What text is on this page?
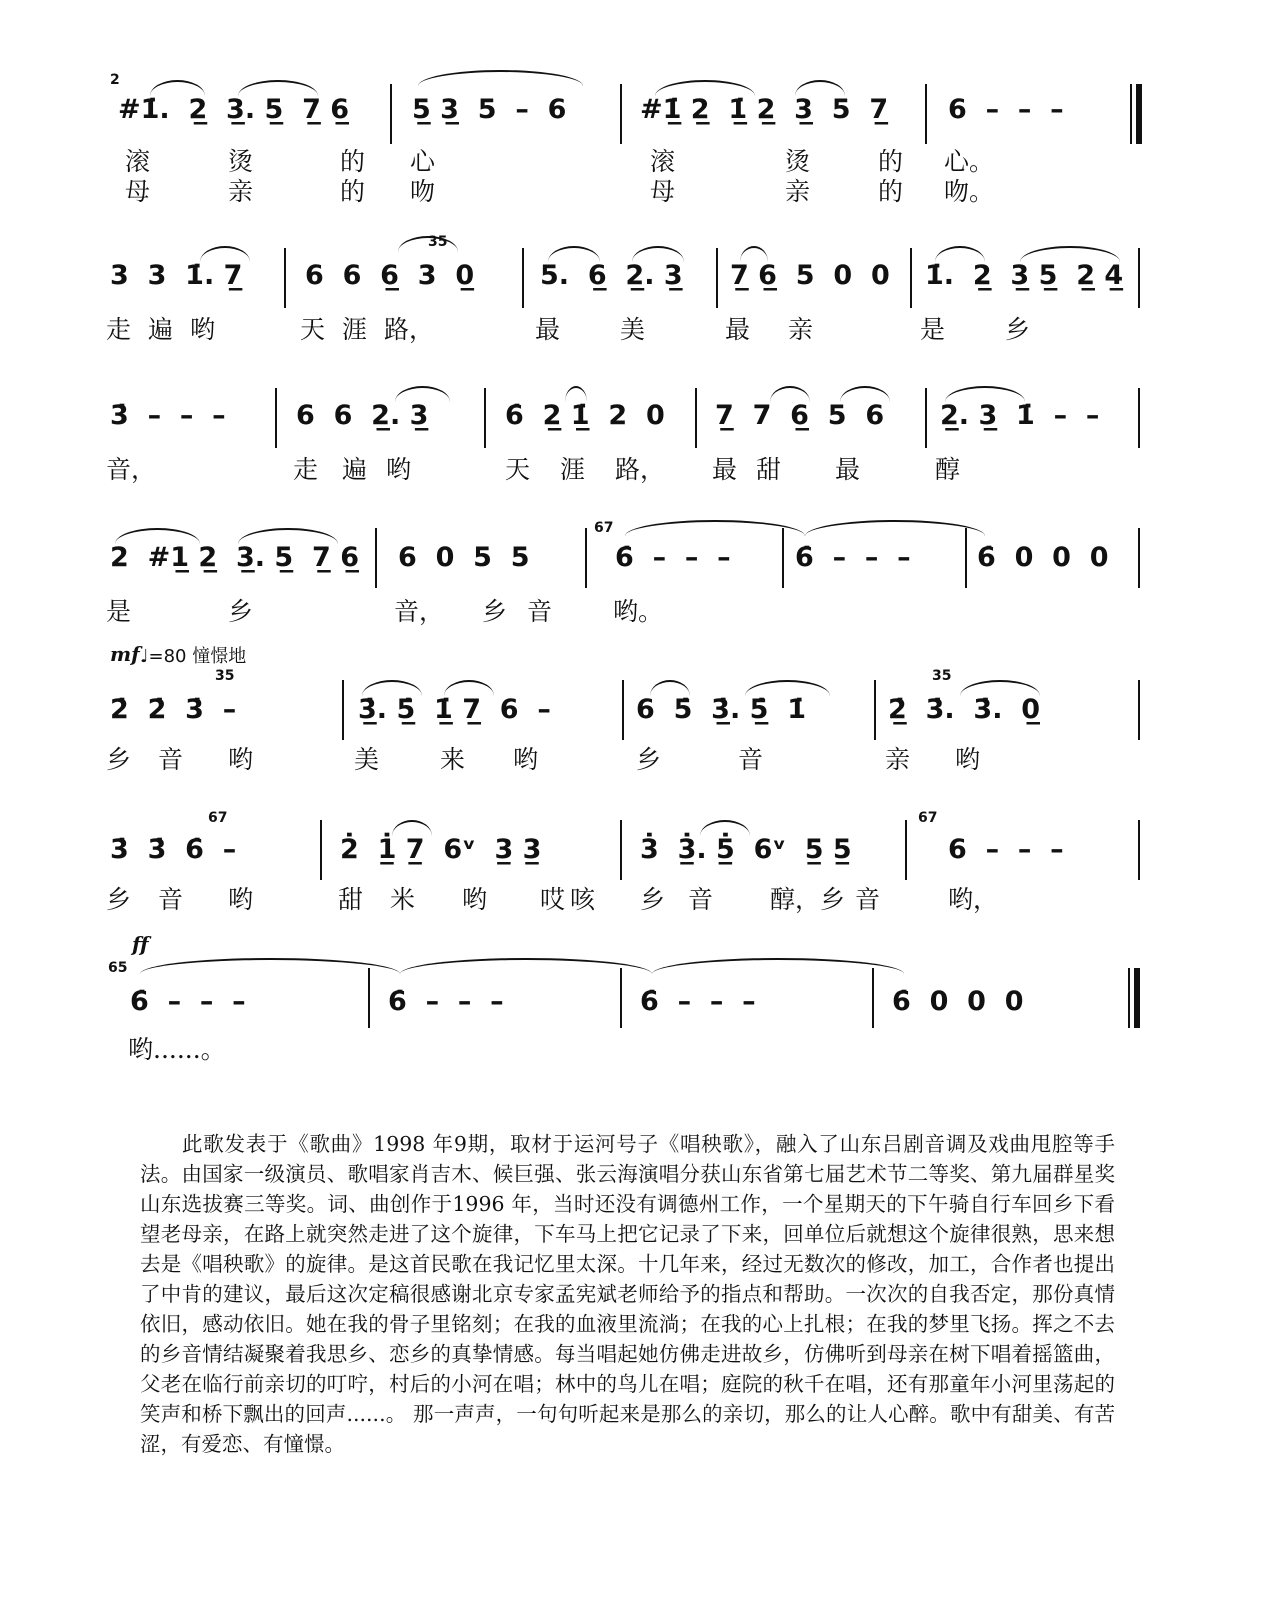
2
#1̇.  2̲  3̲. 5̲  7̲ 6̲ 5̲ 3̲  5  –  6	#1̲̇ 2̲  1̲̇ 2̲  3̲  5  7̲ 6  –  –  –
滚	烫	的 心	滚	烫	的 心。
母	亲	的 吻	母	亲	的 吻。
35
3  3  1̇. 7̲ 6  6  6̲  3  0̲ 5.  6̲  2̲. 3̲ 7̲ 6̲  5  0  0 1̇.  2̲  3̲ 5̲  2̲ 4̲
走 遍 哟	天 涯 路，	最 美	最 亲	是 乡
3̇  –  –  –	6  6  2̲. 3̲	6̇  2̲ 1̲̇  2  0 7̲  7  6̲  5  6 2̲. 3̲  1̇  –  –
音，	走 遍 哟	天 涯 路， 最 甜 最	醇
67
2  #1̲ 2̲  3̲. 5̲  7̲ 6̲ 6  0  5  5	6̇  –  –  – 6̇  –  –  – 6̇  0  0  0
是	乡	音， 乡 音 哟。
mf ♩=80 憧憬地
35	35
2̇  2̇  3̇  –	3̲̇. 5̲̇  1̲̇ 7̲  6  –	6  5̇  3̲̇. 5̲̇  1̇	2̲̇  3̇.  3̇.  0̲
乡 音 哟	美 来 哟	乡	音	亲 哟
67	67
3̇  3̇  6̇  –	2̇  1̲̇ 7̲  6ᵛ  3̲ 3̲	3̇  3̲̇. 5̲̇  6ᵛ  5̲ 5̲	6  –  –  –
乡 音 哟	甜 米 哟 哎 咳 乡 音 醇，乡 音	哟，
ff
65
6̇  –  –  –	6̇  –  –  –	6̇  –  –  –	6̇  0  0  0
哟......。

此歌发表于《歌曲》1998 年9期，取材于运河号子《唱秧歌》，融入了山东吕剧音调及戏曲甩腔等手法。由国家一级演员、歌唱家肖吉木、候巨强、张云海演唱分获山东省第七届艺术节二等奖、第九届群星奖山东选拔赛三等奖。词、曲创作于1996 年，当时还没有调德州工作，一个星期天的下午骑自行车回乡下看望老母亲，在路上就突然走进了这个旋律，下车马上把它记录了下来，回单位后就想这个旋律很熟，思来想去是《唱秧歌》的旋律。是这首民歌在我记忆里太深。十几年来，经过无数次的修改，加工，合作者也提出了中肯的建议，最后这次定稿很感谢北京专家孟宪斌老师给予的指点和帮助。一次次的自我否定，那份真情依旧，感动依旧。她在我的骨子里铭刻；在我的血液里流淌；在我的心上扎根；在我的梦里飞扬。挥之不去的乡音情结凝聚着我思乡、恋乡的真挚情感。每当唱起她仿佛走进故乡，仿佛听到母亲在树下唱着摇篮曲，父老在临行前亲切的叮咛，村后的小河在唱；林中的鸟儿在唱；庭院的秋千在唱，还有那童年小河里荡起的笑声和桥下飘出的回声......。 那一声声，一句句听起来是那么的亲切，那么的让人心醉。歌中有甜美、有苦涩，有爱恋、有憧憬。
